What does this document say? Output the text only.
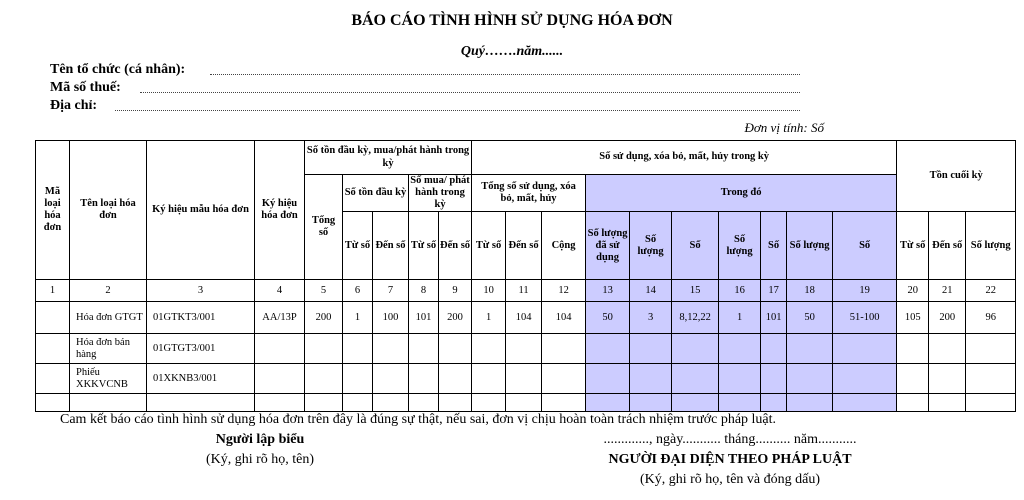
BÁO CÁO TÌNH HÌNH SỬ DỤNG HÓA ĐƠN
Quý…….năm......
Tên tổ chức (cá nhân):
Mã số thuế:
Địa chỉ:
Đơn vị tính: Số
Mã loại hóa đơn	Tên loại hóa đơn	Ký hiệu mẫu hóa đơn	Ký hiệu hóa đơn	Số tồn đầu kỳ, mua/phát hành trong kỳ					Số sử dụng, xóa bỏ, mất, hủy trong kỳ										Tồn cuối kỳ		
				Tổng số	Số tồn đầu kỳ		Số mua/ phát hành trong kỳ		Tổng số sử dụng, xóa bỏ, mất, hủy			Trong đó									
					Từ số	Đến số	Từ số	Đến số	Từ số	Đến số	Cộng	Số lượng đã sử dụng	Số lượng	Số	Số lượng	Số	Số lượng	Số	Từ số	Đến số	Số lượng
1	2	3	4	5	6	7	8	9	10	11	12	13	14	15	16	17	18	19	20	21	22
	Hóa đơn GTGT	01GTKT3/001	AA/13P	200	1	100	101	200	1	104	104	50	3	8,12,22	1	101	50	51-100	105	200	96
	Hóa đơn bán hàng	01GTGT3/001																			
	Phiếu XKKVCNB	01XKNB3/001																			

Cam kết báo cáo tình hình sử dụng hóa đơn trên đây là đúng sự thật, nếu sai, đơn vị chịu hoàn toàn trách nhiệm trước pháp luật.
Người lập biểu
(Ký, ghi rõ họ, tên)
............., ngày........... tháng.......... năm...........
NGƯỜI ĐẠI DIỆN THEO PHÁP LUẬT
(Ký, ghi rõ họ, tên và đóng dấu)
